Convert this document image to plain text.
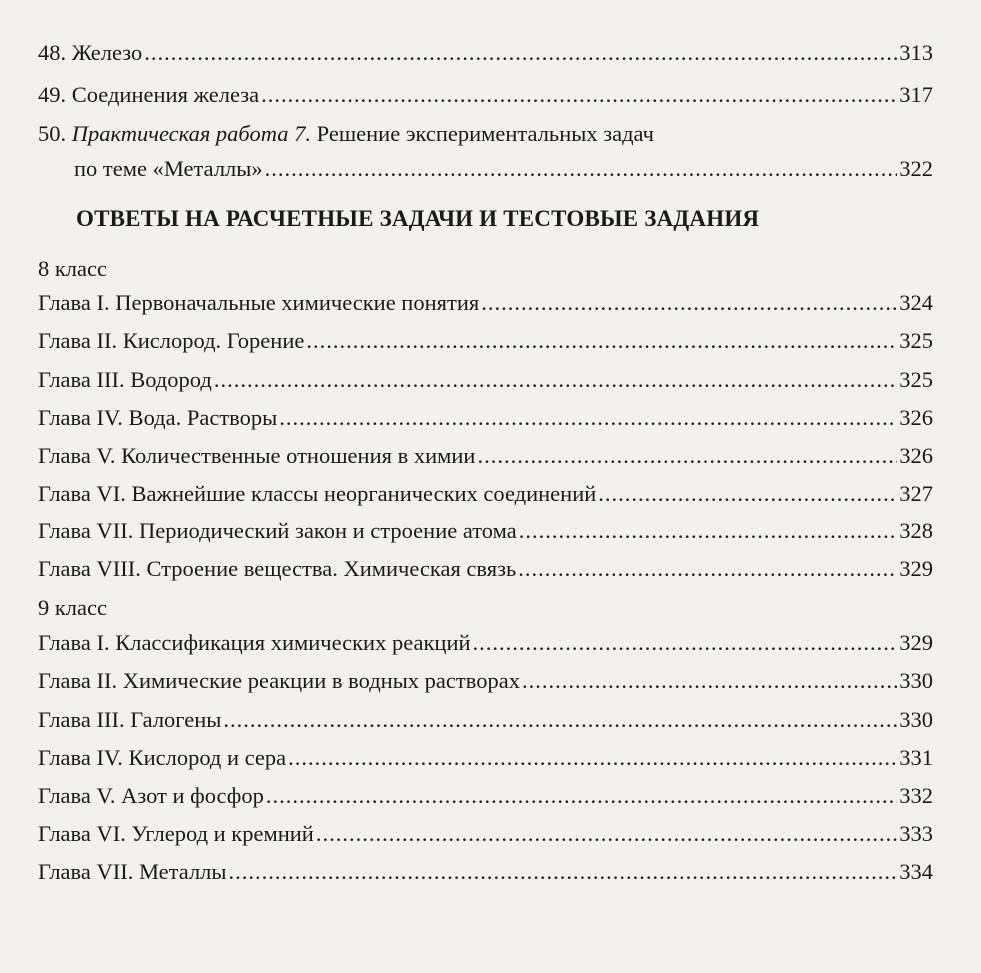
48. Железо .....	313
49. Соединения железа .....	317
50. Практическая работа 7. Решение экспериментальных задач
по теме «Металлы» .....	322
ОТВЕТЫ НА РАСЧЕТНЫЕ ЗАДАЧИ И ТЕСТОВЫЕ ЗАДАНИЯ
8 класс
Глава I. Первоначальные химические понятия .....	324
Глава II. Кислород. Горение .....	325
Глава III. Водород .....	325
Глава IV. Вода. Растворы .....	326
Глава V. Количественные отношения в химии .....	326
Глава VI. Важнейшие классы неорганических соединений .....	327
Глава VII. Периодический закон и строение атома .....	328
Глава VIII. Строение вещества. Химическая связь .....	329
9 класс
Глава I. Классификация химических реакций .....	329
Глава II. Химические реакции в водных растворах .....	330
Глава III. Галогены .....	330
Глава IV. Кислород и сера .....	331
Глава V. Азот и фосфор .....	332
Глава VI. Углерод и кремний .....	333
Глава VII. Металлы .....	334
